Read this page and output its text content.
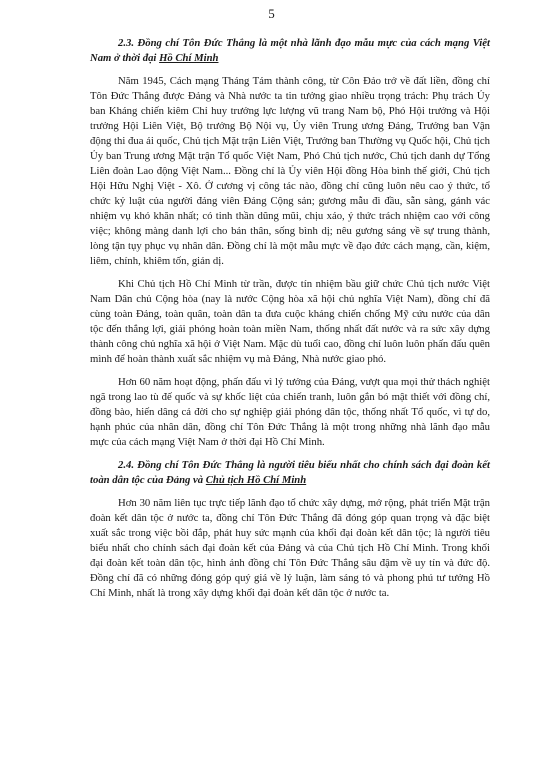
5
2.3. Đồng chí Tôn Đức Thắng là một nhà lãnh đạo mẫu mực của cách mạng Việt Nam ở thời đại Hồ Chí Minh

Năm 1945, Cách mạng Tháng Tám thành công, từ Côn Đảo trở về đất liền, đồng chí Tôn Đức Thắng được Đảng và Nhà nước ta tin tưởng giao nhiều trọng trách: Phụ trách Ủy ban Kháng chiến kiêm Chỉ huy trưởng lực lượng vũ trang Nam bộ, Phó Hội trưởng và Hội trưởng Hội Liên Việt, Bộ trưởng Bộ Nội vụ, Ủy viên Trung ương Đảng, Trưởng ban Vận động thi đua ái quốc, Chủ tịch Mặt trận Liên Việt, Trưởng ban Thường vụ Quốc hội, Chủ tịch Ủy ban Trung ương Mặt trận Tổ quốc Việt Nam, Phó Chủ tịch nước, Chủ tịch danh dự Tổng Liên đoàn Lao động Việt Nam... Đồng chí là Ủy viên Hội đồng Hòa bình thế giới, Chủ tịch Hội Hữu Nghị Việt - Xô. Ở cương vị công tác nào, đồng chí cũng luôn nêu cao ý thức, tổ chức kỷ luật của người đảng viên Đảng Cộng sản; gương mẫu đi đầu, sẵn sàng, gánh vác nhiệm vụ khó khăn nhất; có tinh thần dũng mũi, chịu xáo, ý thức trách nhiệm cao với công việc; không màng danh lợi cho bản thân, sống bình dị; nêu gương sáng về sự trung thành, lòng tận tụy phục vụ nhân dân. Đồng chí là một mẫu mực về đạo đức cách mạng, cần, kiệm, liêm, chính, khiêm tốn, giản dị.

Khi Chủ tịch Hồ Chí Minh từ trần, được tín nhiệm bầu giữ chức Chủ tịch nước Việt Nam Dân chủ Cộng hòa (nay là nước Cộng hòa xã hội chủ nghĩa Việt Nam), đồng chí đã cùng toàn Đảng, toàn quân, toàn dân ta đưa cuộc kháng chiến chống Mỹ cứu nước của dân tộc đến thắng lợi, giải phóng hoàn toàn miền Nam, thống nhất đất nước và ra sức xây dựng thành công chủ nghĩa xã hội ở Việt Nam. Mặc dù tuổi cao, đồng chí luôn luôn phấn đấu quên mình để hoàn thành xuất sắc nhiệm vụ mà Đảng, Nhà nước giao phó.

Hơn 60 năm hoạt động, phấn đấu vì lý tưởng của Đảng, vượt qua mọi thử thách nghiệt ngã trong lao tù đế quốc và sự khốc liệt của chiến tranh, luôn gắn bó mật thiết với đồng chí, đồng bào, hiến dâng cả đời cho sự nghiệp giải phóng dân tộc, thống nhất Tổ quốc, vì tự do, hạnh phúc của nhân dân, đồng chí Tôn Đức Thắng là một trong những nhà lãnh đạo mẫu mực của cách mạng Việt Nam ở thời đại Hồ Chí Minh.

2.4. Đồng chí Tôn Đức Thắng là người tiêu biểu nhất cho chính sách đại đoàn kết toàn dân tộc của Đảng và Chủ tịch Hồ Chí Minh

Hơn 30 năm liên tục trực tiếp lãnh đạo tổ chức xây dựng, mở rộng, phát triển Mặt trận đoàn kết dân tộc ở nước ta, đồng chí Tôn Đức Thắng đã đóng góp quan trọng và đặc biệt xuất sắc trong việc bồi đắp, phát huy sức mạnh của khối đại đoàn kết dân tộc; là người tiêu biểu nhất cho chính sách đại đoàn kết của Đảng và của Chủ tịch Hồ Chí Minh. Trong khối đại đoàn kết toàn dân tộc, hình ảnh đồng chí Tôn Đức Thắng sâu đậm về uy tín và đức độ. Đồng chí đã có những đóng góp quý giá về lý luận, làm sáng tỏ và phong phú tư tưởng Hồ Chí Minh, nhất là trong xây dựng khối đại đoàn kết dân tộc ở nước ta.
